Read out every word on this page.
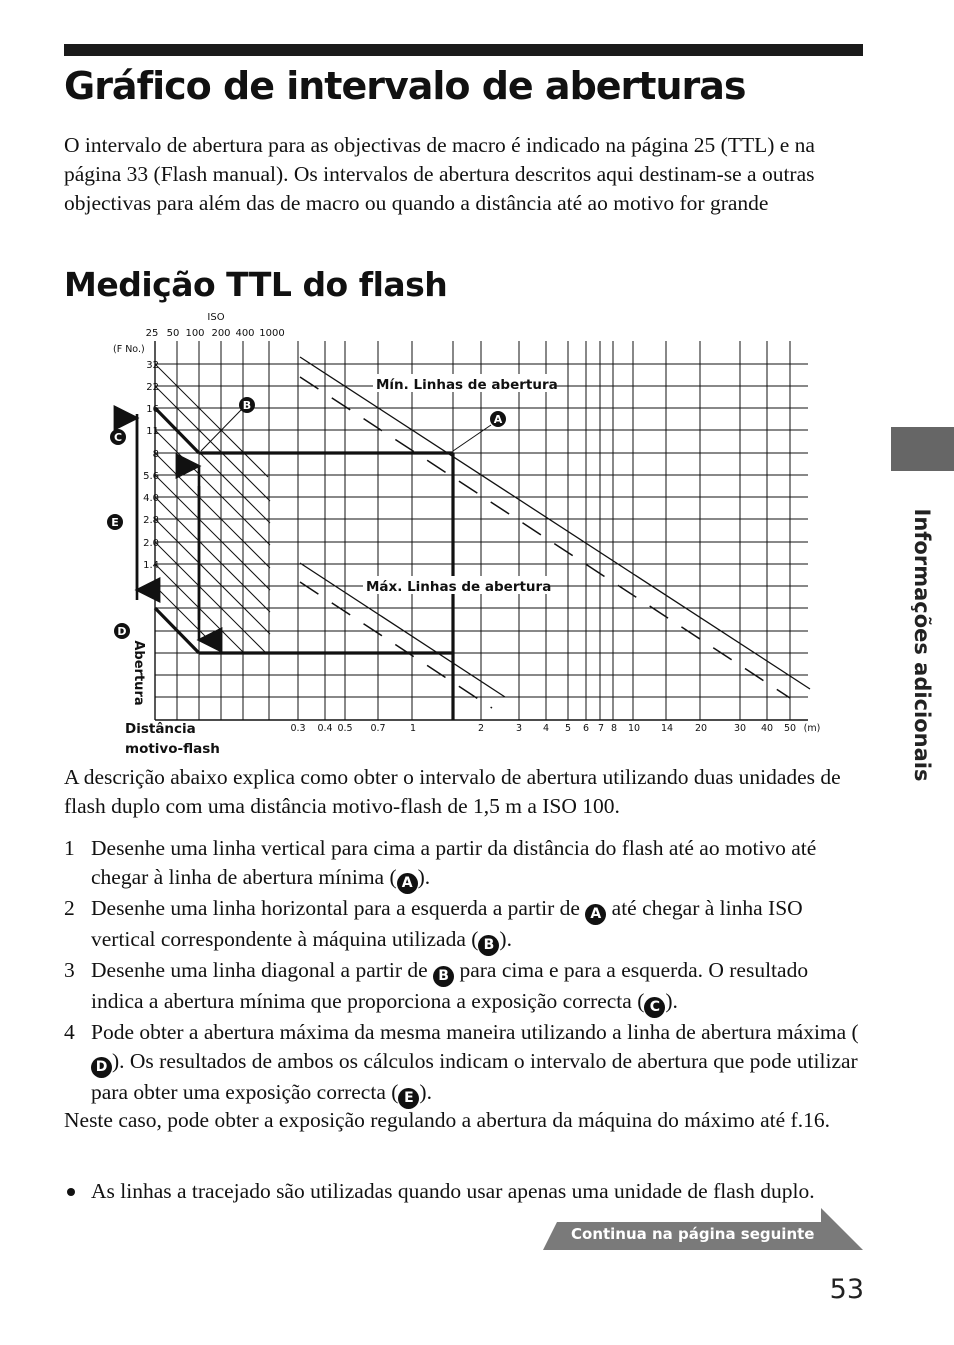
Gráfico de intervalo de aberturas

O intervalo de abertura para as objectivas de macro é indicado na página 25 (TTL) e na página 33 (Flash manual). Os intervalos de abertura descritos aqui destinam-se a outras objectivas para além das de macro ou quando a distância até ao motivo for grande

Medição TTL do flash
ISO
25 50 100 200 400 1000
(F No.)
32
22
16
11
8
5.6
4.0
2.8
2.0
1.4
0.3 0.4 0.5 0.7	1	2	3 4 5 6 7 8 10 14 20	30 40 50 (m)
Distância
motivo-flash
Abertura
Mín. Linhas de abertura
Máx. Linhas de abertura
A
B
C
D
E

A descrição abaixo explica como obter o intervalo de abertura utilizando duas unidades de flash duplo com uma distância motivo-flash de 1,5 m a ISO 100.

1 Desenhe uma linha vertical para cima a partir da distância do flash até ao motivo até chegar à linha de abertura mínima ( A ).
2 Desenhe uma linha horizontal para a esquerda a partir de A até chegar à linha ISO vertical correspondente à máquina utilizada ( B ).
3 Desenhe uma linha diagonal a partir de B para cima e para a esquerda. O resultado indica a abertura mínima que proporciona a exposição correcta ( C ).
4 Pode obter a abertura máxima da mesma maneira utilizando a linha de abertura máxima (D ). Os resultados de ambos os cálculos indicam o intervalo de abertura que pode utilizar para obter uma exposição correcta ( E ).

Neste caso, pode obter a exposição regulando a abertura da máquina do máximo até f.16.

As linhas a tracejado são utilizadas quando usar apenas uma unidade de flash duplo.
Informações adicionais
Continua na página seguinte
53
